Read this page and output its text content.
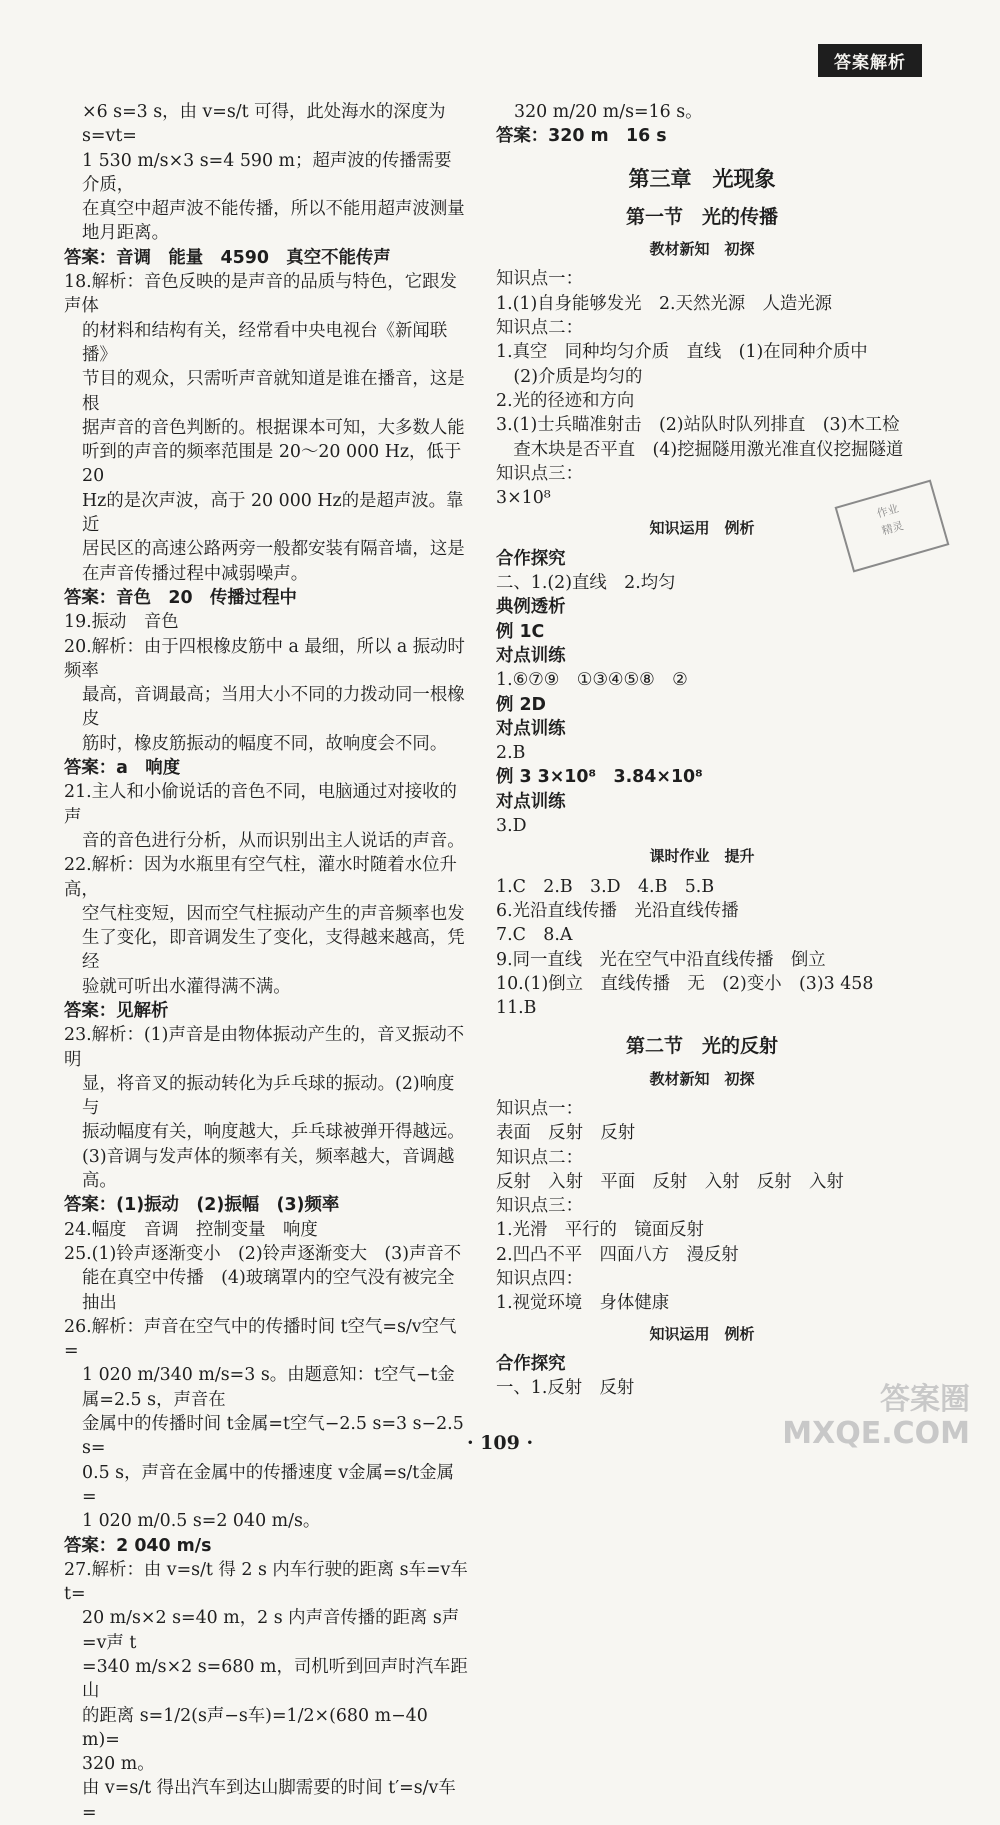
答案解析

×6 s=3 s，由 v=s/t 可得，此处海水的深度为 s=vt=

1 530 m/s×3 s=4 590 m；超声波的传播需要介质，

在真空中超声波不能传播，所以不能用超声波测量

地月距离。

答案：音调　能量　4590　真空不能传声

18.解析：音色反映的是声音的品质与特色，它跟发声体

的材料和结构有关，经常看中央电视台《新闻联播》

节目的观众，只需听声音就知道是谁在播音，这是根

据声音的音色判断的。根据课本可知，大多数人能

听到的声音的频率范围是 20～20 000 Hz，低于 20

Hz的是次声波，高于 20 000 Hz的是超声波。靠近

居民区的高速公路两旁一般都安装有隔音墙，这是

在声音传播过程中减弱噪声。

答案：音色　20　传播过程中

19.振动　音色

20.解析：由于四根橡皮筋中 a 最细，所以 a 振动时频率

最高，音调最高；当用大小不同的力拨动同一根橡皮

筋时，橡皮筋振动的幅度不同，故响度会不同。

答案：a　响度

21.主人和小偷说话的音色不同，电脑通过对接收的声

音的音色进行分析，从而识别出主人说话的声音。

22.解析：因为水瓶里有空气柱，灌水时随着水位升高，

空气柱变短，因而空气柱振动产生的声音频率也发

生了变化，即音调发生了变化，支得越来越高，凭经

验就可听出水灌得满不满。

答案：见解析

23.解析：(1)声音是由物体振动产生的，音叉振动不明

显，将音叉的振动转化为乒乓球的振动。(2)响度与

振动幅度有关，响度越大，乒乓球被弹开得越远。

(3)音调与发声体的频率有关，频率越大，音调越高。

答案：(1)振动　(2)振幅　(3)频率

24.幅度　音调　控制变量　响度

25.(1)铃声逐渐变小　(2)铃声逐渐变大　(3)声音不

能在真空中传播　(4)玻璃罩内的空气没有被完全

抽出

26.解析：声音在空气中的传播时间 t空气=s/v空气=

1 020 m/340 m/s=3 s。由题意知：t空气−t金属=2.5 s，声音在

金属中的传播时间 t金属=t空气−2.5 s=3 s−2.5 s=

0.5 s，声音在金属中的传播速度 v金属=s/t金属=

1 020 m/0.5 s=2 040 m/s。

答案：2 040 m/s

27.解析：由 v=s/t 得 2 s 内车行驶的距离 s车=v车 t=

20 m/s×2 s=40 m，2 s 内声音传播的距离 s声=v声 t

=340 m/s×2 s=680 m，司机听到回声时汽车距山

的距离 s=1/2(s声−s车)=1/2×(680 m−40 m)=

320 m。

由 v=s/t 得出汽车到达山脚需要的时间 t′=s/v车=

320 m/20 m/s=16 s。

答案：320 m　16 s

第三章　光现象
第一节　光的传播
教材新知　初探

知识点一：

1.(1)自身能够发光　2.天然光源　人造光源

知识点二：

1.真空　同种均匀介质　直线　(1)在同种介质中

　(2)介质是均匀的

2.光的径迹和方向

3.(1)士兵瞄准射击　(2)站队时队列排直　(3)木工检

　查木块是否平直　(4)挖掘隧用激光准直仪挖掘隧道

知识点三：

3×10⁸

知识运用　例析

合作探究

二、1.(2)直线　2.均匀

典例透析

例 1C

对点训练

1.⑥⑦⑨　①③④⑤⑧　②

例 2D

对点训练

2.B

例 3 3×10⁸　3.84×10⁸

对点训练

3.D

课时作业　提升

1.C　2.B　3.D　4.B　5.B

6.光沿直线传播　光沿直线传播

7.C　8.A

9.同一直线　光在空气中沿直线传播　倒立

10.(1)倒立　直线传播　无　(2)变小　(3)3 458

11.B

第二节　光的反射
教材新知　初探

知识点一：

表面　反射　反射

知识点二：

反射　入射　平面　反射　入射　反射　入射

知识点三：

1.光滑　平行的　镜面反射

2.凹凸不平　四面八方　漫反射

知识点四：

1.视觉环境　身体健康

知识运用　例析

合作探究

一、1.反射　反射

作业
精灵
· 109 ·
答案圈
MXQE.COM
